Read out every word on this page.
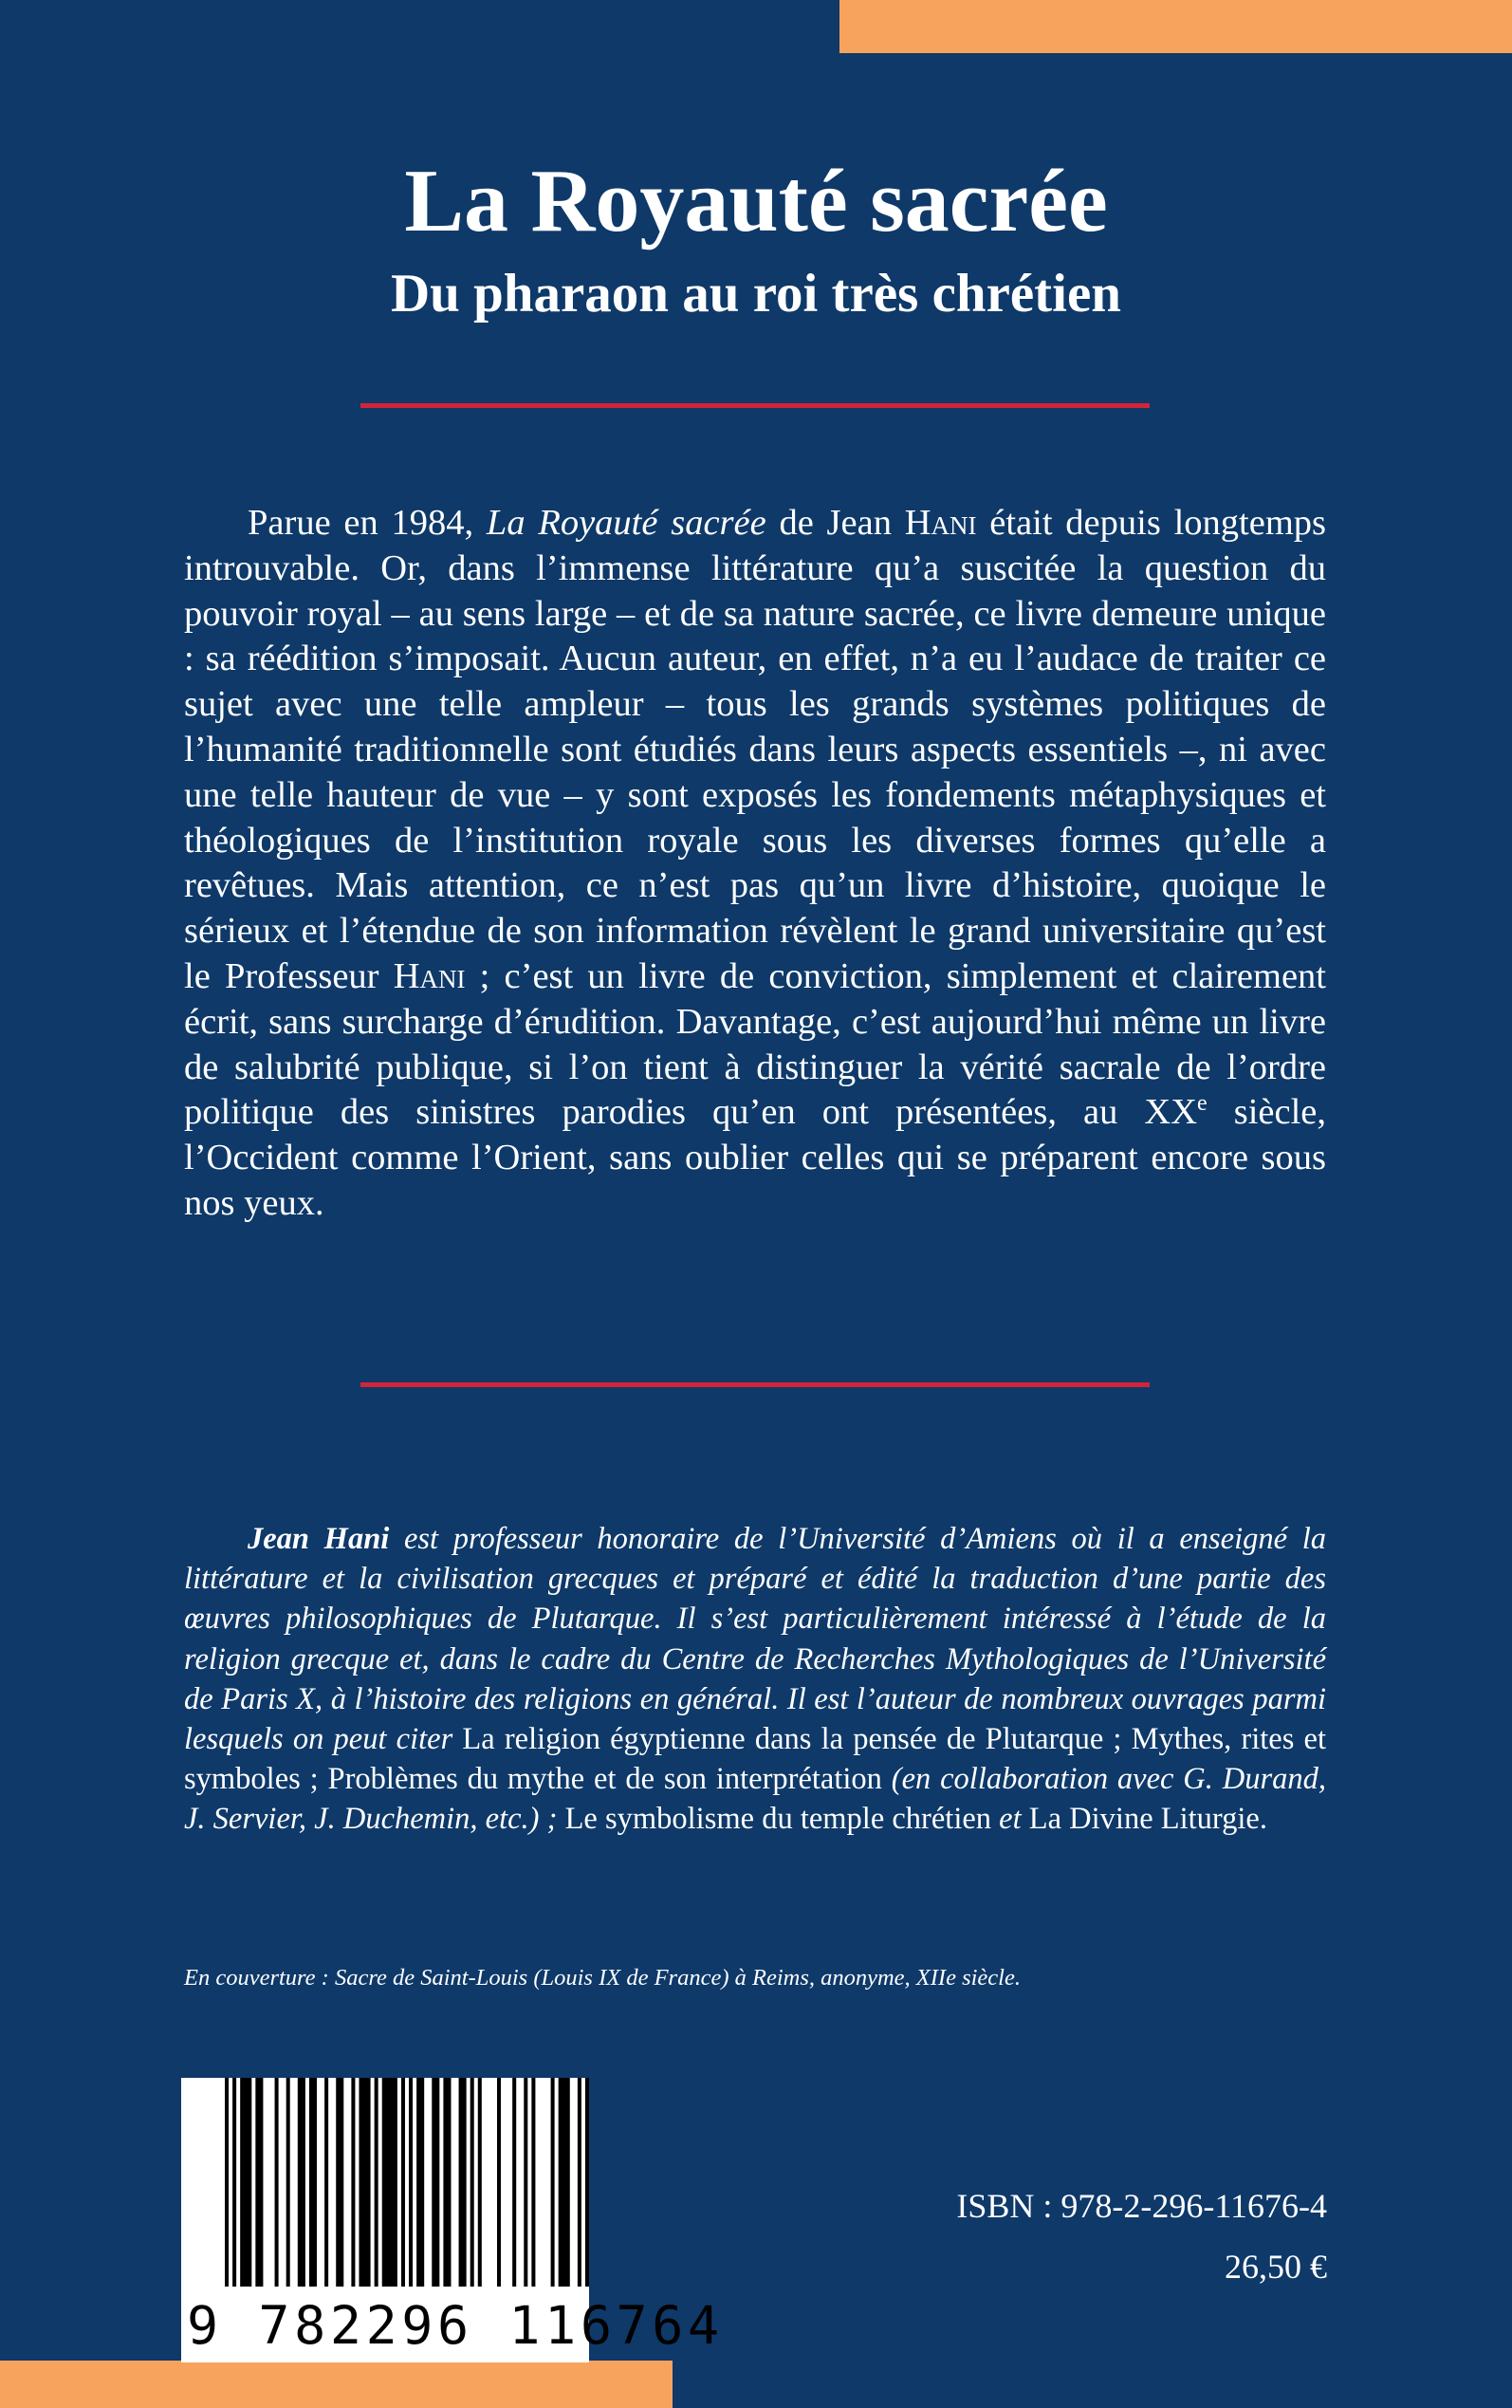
La Royauté sacrée
Du pharaon au roi très chrétien

Parue en 1984, La Royauté sacrée de Jean Hani était depuis longtemps introuvable. Or, dans l’immense littérature qu’a suscitée la question du pouvoir royal – au sens large – et de sa nature sacrée, ce livre demeure unique : sa réédition s’imposait. Aucun auteur, en effet, n’a eu l’audace de traiter ce sujet avec une telle ampleur – tous les grands systèmes politiques de l’humanité traditionnelle sont étudiés dans leurs aspects essentiels –, ni avec une telle hauteur de vue – y sont exposés les fondements métaphysiques et théologiques de l’institution royale sous les diverses formes qu’elle a revêtues. Mais attention, ce n’est pas qu’un livre d’histoire, quoique le sérieux et l’étendue de son information révèlent le grand universitaire qu’est le Professeur Hani ; c’est un livre de conviction, simplement et clairement écrit, sans surcharge d’érudition. Davantage, c’est aujourd’hui même un livre de salubrité publique, si l’on tient à distinguer la vérité sacrale de l’ordre politique des sinistres parodies qu’en ont présentées, au XXe siècle, l’Occident comme l’Orient, sans oublier celles qui se préparent encore sous nos yeux.

Jean Hani est professeur honoraire de l’Université d’Amiens où il a enseigné la littérature et la civilisation grecques et préparé et édité la traduction d’une partie des œuvres philosophiques de Plutarque. Il s’est particulièrement intéressé à l’étude de la religion grecque et, dans le cadre du Centre de Recherches Mythologiques de l’Université de Paris X, à l’histoire des religions en général. Il est l’auteur de nombreux ouvrages parmi lesquels on peut citer La religion égyptienne dans la pensée de Plutarque ; Mythes, rites et symboles ; Problèmes du mythe et de son interprétation (en collaboration avec G. Durand, J. Servier, J. Duchemin, etc.) ; Le symbolisme du temple chrétien et La Divine Liturgie.

En couverture : Sacre de Saint-Louis (Louis IX de France) à Reims, anonyme, XIIe siècle.

9 782296 116764

ISBN : 978-2-296-11676-4

26,50 €
